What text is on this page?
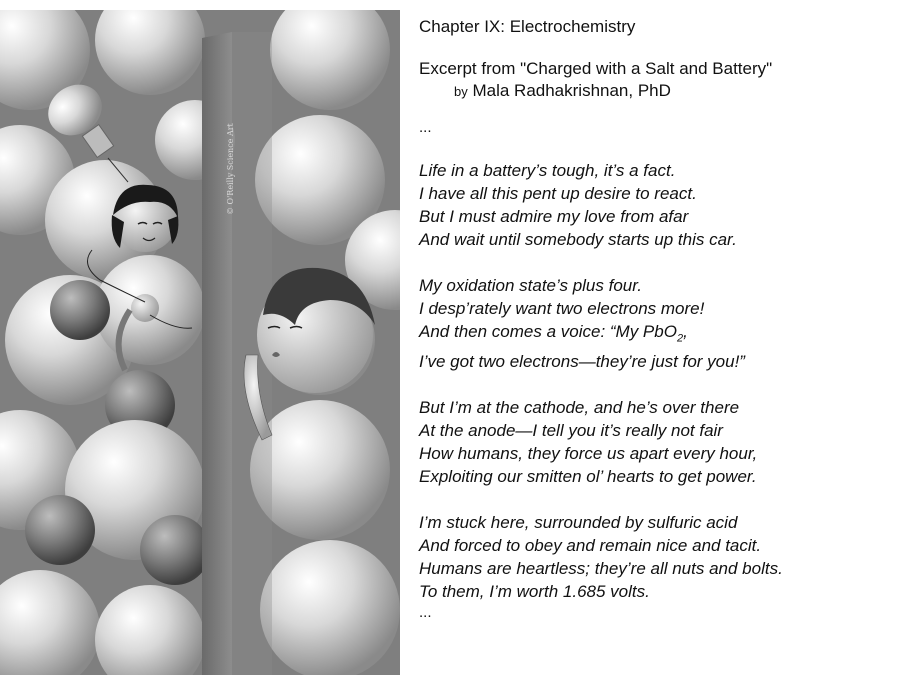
© O'Reilly Science Art

Chapter IX: Electrochemistry

Excerpt from "Charged with a Salt and Battery"

by Mala Radhakrishnan, PhD

...

Life in a battery’s tough, it’s a fact.
I have all this pent up desire to react.
But I must admire my love from afar
And wait until somebody starts up this car.
My oxidation state’s plus four.
I desp’rately want two electrons more!
And then comes a voice: “My PbO$_2$,
I’ve got two electrons—they’re just for you!”
But I’m at the cathode, and he’s over there
At the anode—I tell you it’s really not fair
How humans, they force us apart every hour,
Exploiting our smitten ol’ hearts to get power.
I’m stuck here, surrounded by sulfuric acid
And forced to obey and remain nice and tacit.
Humans are heartless; they’re all nuts and bolts.
To them, I’m worth 1.685 volts.
...
